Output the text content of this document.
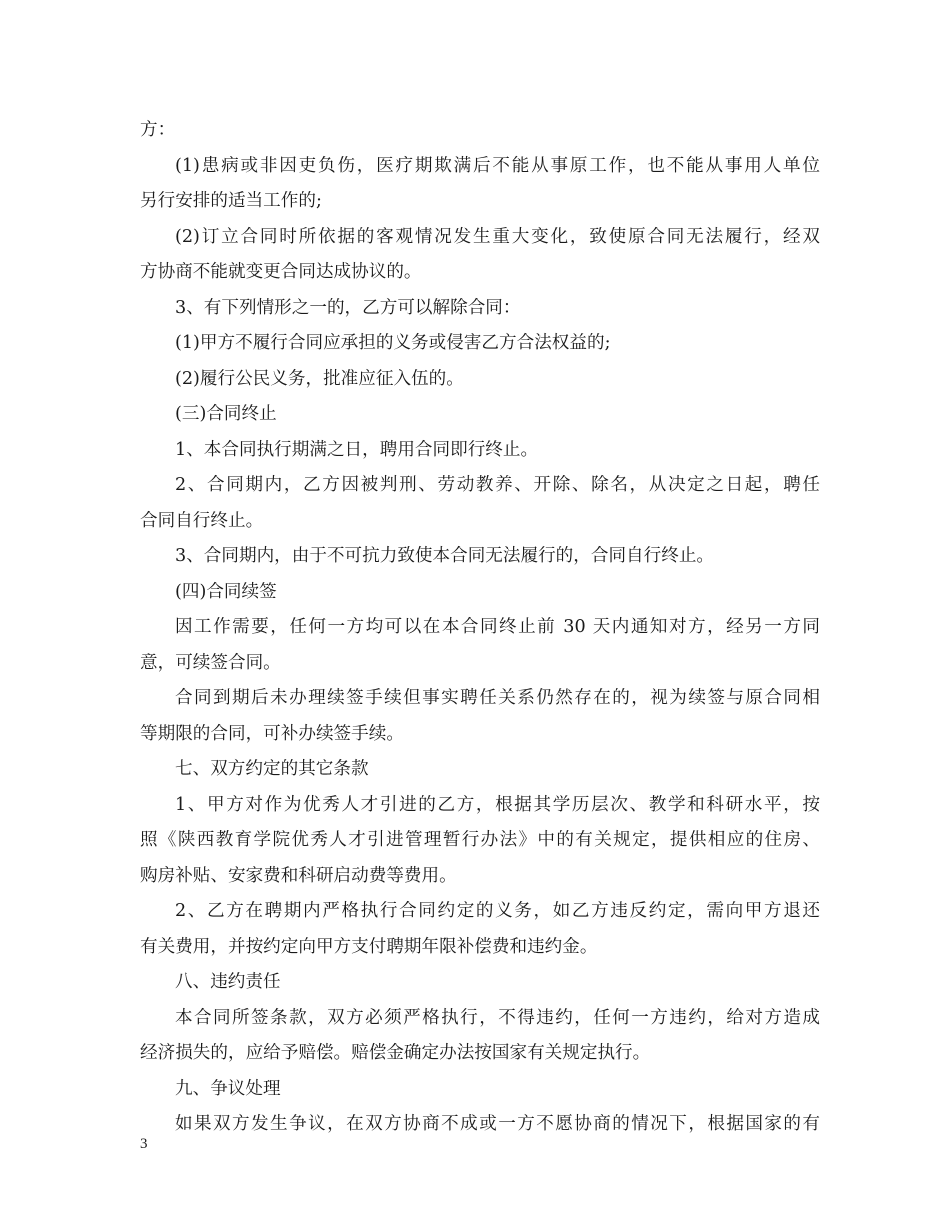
方：
(1)患病或非因吏负伤，医疗期欺满后不能从事原工作，也不能从事用人单位
另行安排的适当工作的;
(2)订立合同时所依据的客观情况发生重大变化，致使原合同无法履行，经双
方协商不能就变更合同达成协议的。
3、有下列情形之一的，乙方可以解除合同：
(1)甲方不履行合同应承担的义务或侵害乙方合法权益的;
(2)履行公民义务，批准应征入伍的。
(三)合同终止
1、本合同执行期满之日，聘用合同即行终止。
2、合同期内，乙方因被判刑、劳动教养、开除、除名，从决定之日起，聘任
合同自行终止。
3、合同期内，由于不可抗力致使本合同无法履行的，合同自行终止。
(四)合同续签
因工作需要，任何一方均可以在本合同终止前 30 天内通知对方，经另一方同
意，可续签合同。
合同到期后未办理续签手续但事实聘任关系仍然存在的，视为续签与原合同相
等期限的合同，可补办续签手续。
七、双方约定的其它条款
1、甲方对作为优秀人才引进的乙方，根据其学历层次、教学和科研水平，按
照《陕西教育学院优秀人才引进管理暂行办法》中的有关规定，提供相应的住房、
购房补贴、安家费和科研启动费等费用。
2、乙方在聘期内严格执行合同约定的义务，如乙方违反约定，需向甲方退还
有关费用，并按约定向甲方支付聘期年限补偿费和违约金。
八、违约责任
本合同所签条款，双方必须严格执行，不得违约，任何一方违约，给对方造成
经济损失的，应给予赔偿。赔偿金确定办法按国家有关规定执行。
九、争议处理
如果双方发生争议，在双方协商不成或一方不愿协商的情况下，根据国家的有
3
